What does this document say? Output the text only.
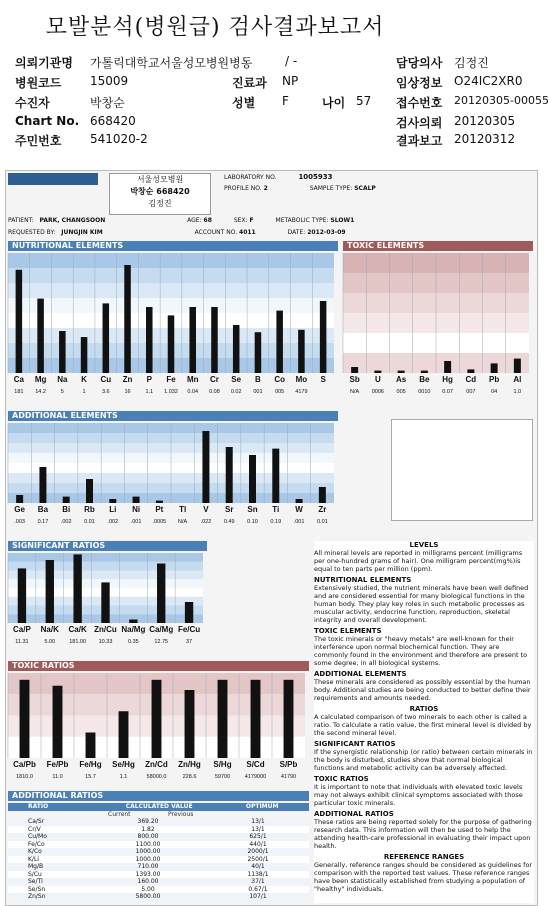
모발분석(병원급) 검사결과보고서
의뢰기관명 가톨릭대학교서울성모병원병동	/ -
병원코드 15009
수진자	박창순
Chart No. 668420
주민번호 541020-2
진료과 NP
성별 F	나이 57
담당의사 김정진
임상정보 O24IC2XR0
접수번호 20120305-00055
검사의뢰 20120305
결과보고 20120312
서울성모병원
박창순 668420
김정진
LABORATORY NO.	1005933
PROFILE NO. 2	SAMPLE TYPE: SCALP
PATIENT: PARK, CHANGSOON	AGE: 68	SEX: F	METABOLIC TYPE: SLOW1
REQUESTED BY: JUNGJIN KIM	ACCOUNT NO. 4011	DATE: 2012-03-09
NUTRITIONAL ELEMENTS
Ca
181
Mg
14.2
Na
5
K
1
Cu
3.6
Zn
16
P
1.1
Fe
1.032
Mn
0.04
Cr
0.08
Se
0.02
B
001
Co
005
Mo
4179
S
TOXIC ELEMENTS
Sb
N/A
U
0006
As
005
Be
0010
Hg
0.07
Cd
007
Pb
04
Al
1.0
ADDITIONAL ELEMENTS
Ge
.003
Ba
0.17
Bi
.002
Rb
0.01
Li
.002
Ni
.001
Pt
.0005
Tl
N/A
V
.022
Sr
0.49
Sn
0.10
Ti
0.19
W
.001
Zr
0.01
SIGNIFICANT RATIOS
Ca/P
11.31
Na/K
5.00
Ca/K
181.00
Zn/Cu
10.33
Na/Mg
0.35
Ca/Mg
12.75
Fe/Cu
37
TOXIC RATIOS
Ca/Pb
1810.0
Fe/Pb
11.0
Fe/Hg
15.7
Se/Hg
1.1
Zn/Cd
58000.0
Zn/Hg
228.6
S/Hg
59700
S/Cd
4179000
S/Pb
41790
ADDITIONAL RATIOS
RATIO	CALCULATED VALUE	OPTIMUM
Current	Previous
Ca/Sr	369.20	13/1
Cr/V	1.82	13/1
Cu/Mo	800.00	625/1
Fe/Co	1100.00	440/1
K/Co	1000.00	2000/1
K/Li	1000.00	2500/1
Mg/B	710.00	40/1
S/Cu	1393.00	1138/1
Se/Tl	160.00	37/1
Se/Sn	5.00	0.67/1
Zn/Sn	5800.00	107/1
LEVELS
All mineral levels are reported in milligrams percent (milligrams per one-hundred grams of hair). One milligram percent(mg%)is equal to ten parts per million (ppm).
NUTRITIONAL ELEMENTS
Extensively studied, the nutrient minerals have been well defined and are considered essential for many biological functions in the human body. They play key roles in such metabolic processes as muscular activity, endocrine function, reproduction, skeletal integrity and overall development.
TOXIC ELEMENTS
The toxic minerals or "heavy metals" are well-known for their interference upon normal biochemical function. They are commonly found in the environment and therefore are present to some degree, in all biological systems.
ADDITIONAL ELEMENTS
These minerals are considered as possibly essential by the human body. Additional studies are being conducted to better define their requirements and amounts needed.
RATIOS
A calculated comparison of two minerals to each other is called a ratio. To calculate a ratio value, the first mineral level is divided by the second mineral level.
SIGNIFICANT RATIOS
If the synergistic relationship (or ratio) between certain minerals in the body is disturbed, studies show that normal biological functions and metabolic activity can be adversely affected.
TOXIC RATIOS
It is important to note that individuals with elevated toxic levels may not always exhibit clinical symptoms associated with those particular toxic minerals.
ADDITIONAL RATIOS
These ratios are being reported solely for the purpose of gathering research data. This information will then be used to help the attending health-care professional in evaluating their impact upon health.
REFERENCE RANGES
Generally, reference ranges should be considered as guidelines for comparison with the reported test values. These reference ranges have been statistically established from studying a population of "healthy" individuals.
